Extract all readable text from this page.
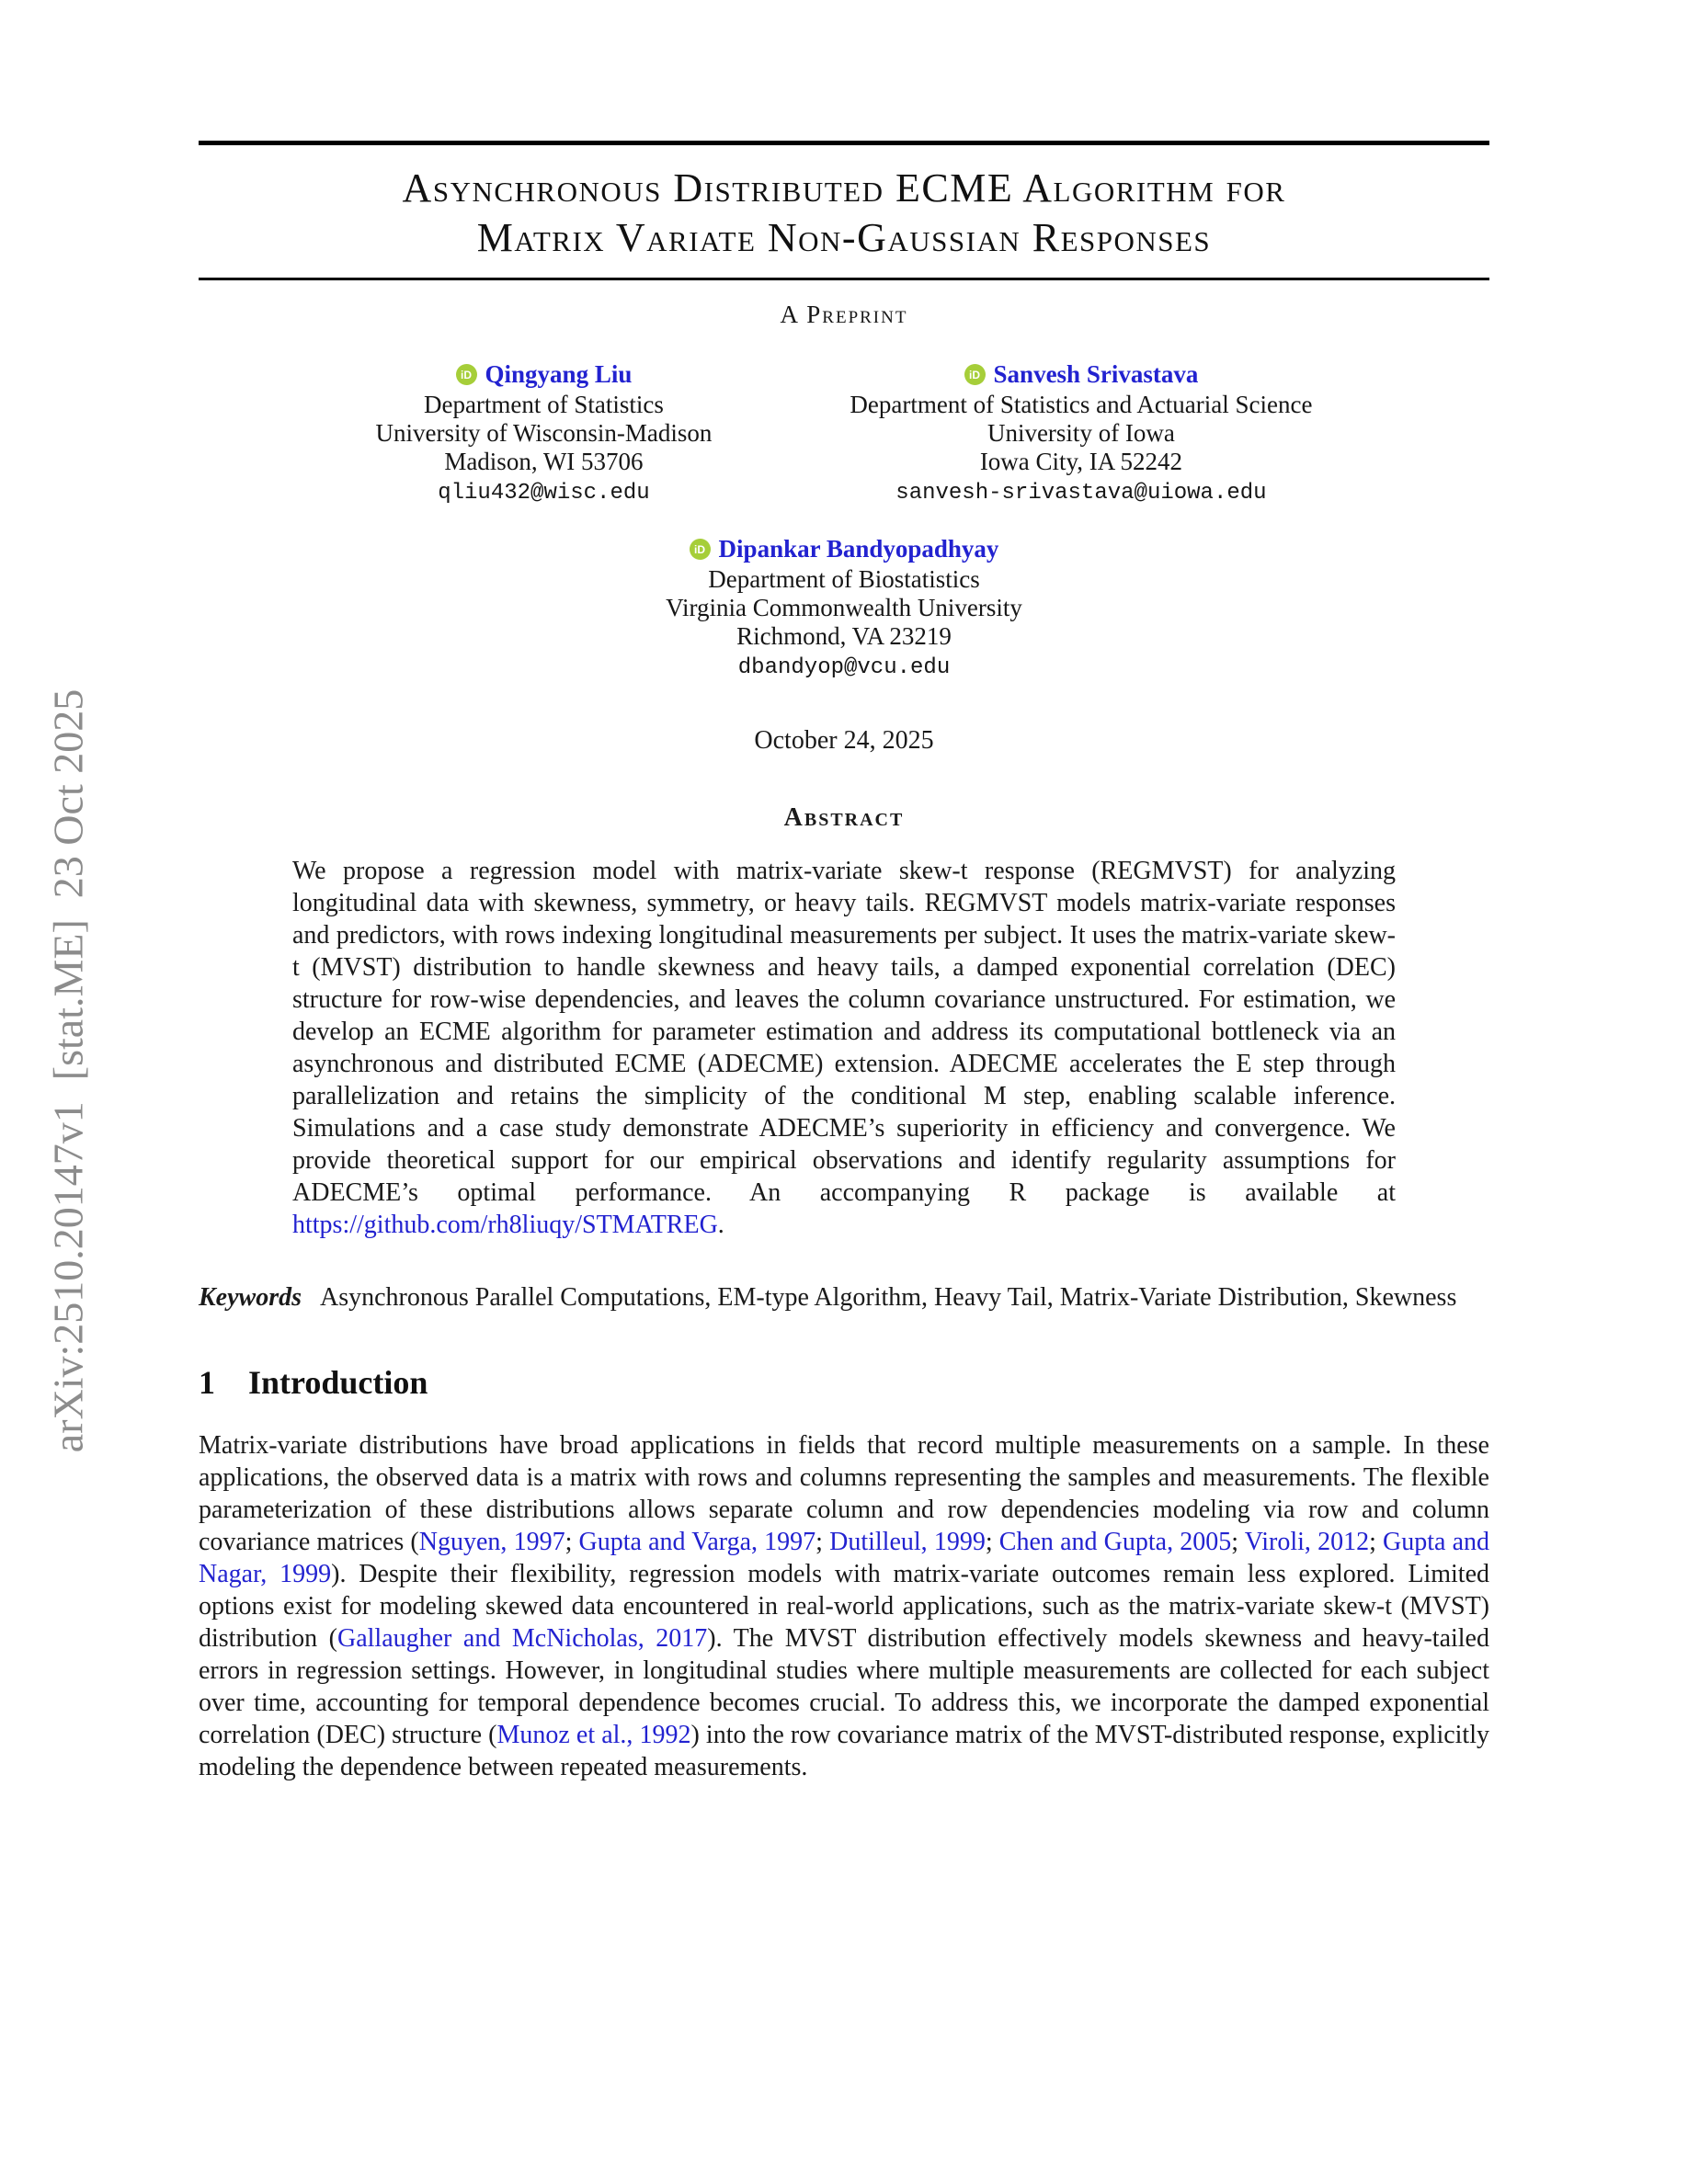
arXiv:2510.20147v1  [stat.ME]  23 Oct 2025
Asynchronous Distributed ECME Algorithm for
Matrix Variate Non-Gaussian Responses
A Preprint
iD Qingyang Liu
Department of Statistics
University of Wisconsin-Madison
Madison, WI 53706
qliu432@wisc.edu
iD Sanvesh Srivastava
Department of Statistics and Actuarial Science
University of Iowa
Iowa City, IA 52242
sanvesh-srivastava@uiowa.edu
iD Dipankar Bandyopadhyay
Department of Biostatistics
Virginia Commonwealth University
Richmond, VA 23219
dbandyop@vcu.edu
October 24, 2025
Abstract

We propose a regression model with matrix-variate skew-t response (REGMVST) for analyzing longitudinal data with skewness, symmetry, or heavy tails. REGMVST models matrix-variate responses and predictors, with rows indexing longitudinal measurements per subject. It uses the matrix-variate skew-t (MVST) distribution to handle skewness and heavy tails, a damped exponential correlation (DEC) structure for row-wise dependencies, and leaves the column covariance unstructured. For estimation, we develop an ECME algorithm for parameter estimation and address its computational bottleneck via an asynchronous and distributed ECME (ADECME) extension. ADECME accelerates the E step through parallelization and retains the simplicity of the conditional M step, enabling scalable inference. Simulations and a case study demonstrate ADECME’s superiority in efficiency and convergence. We provide theoretical support for our empirical observations and identify regularity assumptions for ADECME’s optimal performance. An accompanying R package is available at https://github.com/rh8liuqy/STMATREG.

Keywords Asynchronous Parallel Computations, EM-type Algorithm, Heavy Tail, Matrix-Variate Distribution, Skewness

1 Introduction

Matrix-variate distributions have broad applications in fields that record multiple measurements on a sample. In these applications, the observed data is a matrix with rows and columns representing the samples and measurements. The flexible parameterization of these distributions allows separate column and row dependencies modeling via row and column covariance matrices (Nguyen, 1997; Gupta and Varga, 1997; Dutilleul, 1999; Chen and Gupta, 2005; Viroli, 2012; Gupta and Nagar, 1999). Despite their flexibility, regression models with matrix-variate outcomes remain less explored. Limited options exist for modeling skewed data encountered in real-world applications, such as the matrix-variate skew-t (MVST) distribution (Gallaugher and McNicholas, 2017). The MVST distribution effectively models skewness and heavy-tailed errors in regression settings. However, in longitudinal studies where multiple measurements are collected for each subject over time, accounting for temporal dependence becomes crucial. To address this, we incorporate the damped exponential correlation (DEC) structure (Munoz et al., 1992) into the row covariance matrix of the MVST-distributed response, explicitly modeling the dependence between repeated measurements.
